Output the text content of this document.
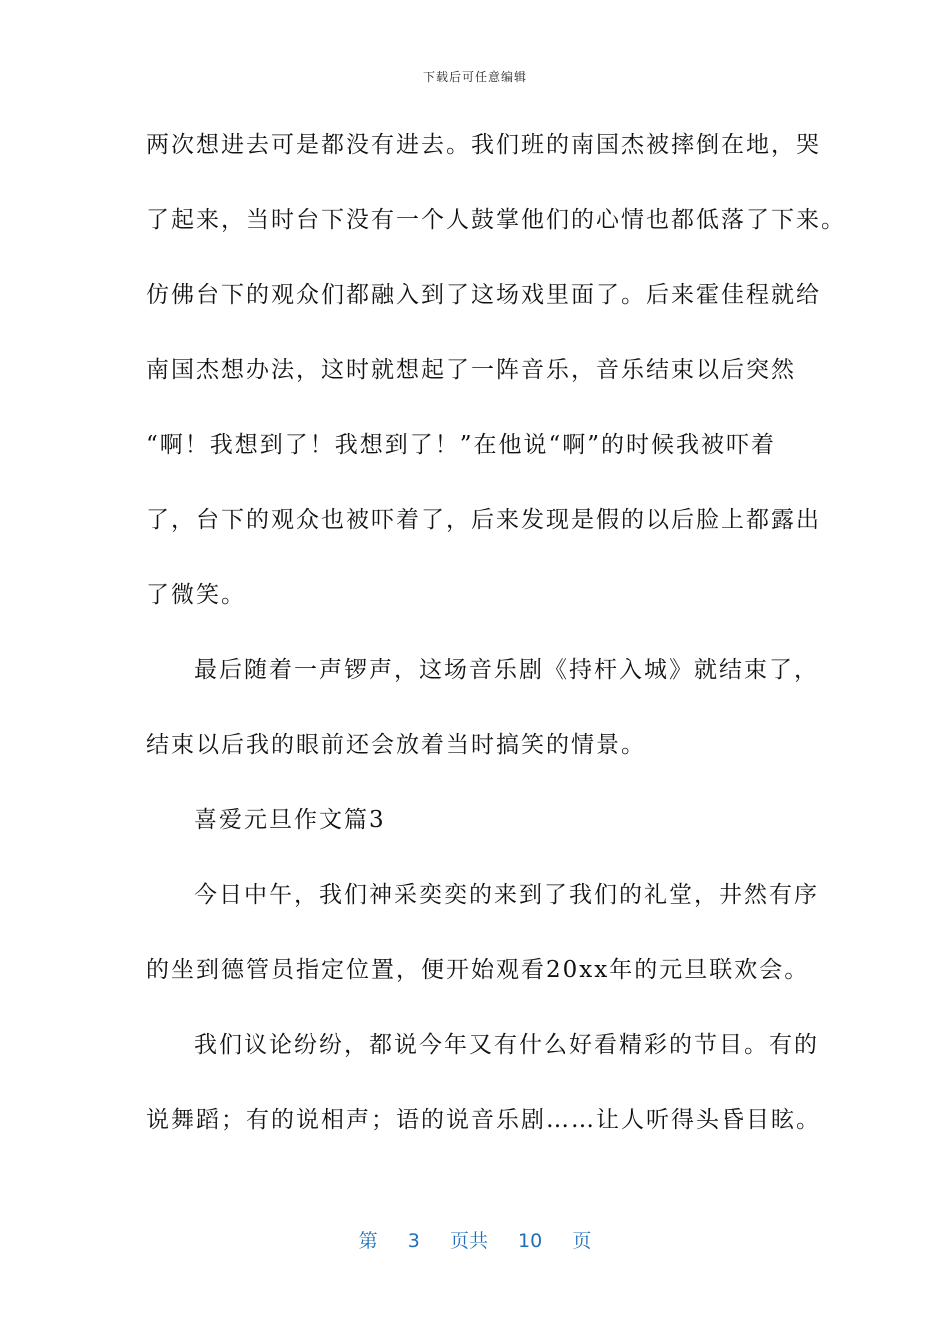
下载后可任意编辑
两次想进去可是都没有进去。我们班的南国杰被摔倒在地，哭
了起来，当时台下没有一个人鼓掌他们的心情也都低落了下来。
仿佛台下的观众们都融入到了这场戏里面了。后来霍佳程就给
南国杰想办法，这时就想起了一阵音乐，音乐结束以后突然
“啊！我想到了！我想到了！”在他说“啊”的时候我被吓着
了，台下的观众也被吓着了，后来发现是假的以后脸上都露出
了微笑。
最后随着一声锣声，这场音乐剧《持杆入城》就结束了，
结束以后我的眼前还会放着当时搞笑的情景。
喜爱元旦作文篇3
今日中午，我们神采奕奕的来到了我们的礼堂，井然有序
的坐到德管员指定位置，便开始观看20xx年的元旦联欢会。
我们议论纷纷，都说今年又有什么好看精彩的节目。有的
说舞蹈；有的说相声；语的说音乐剧……让人听得头昏目眩。
第 3 页共 10 页
